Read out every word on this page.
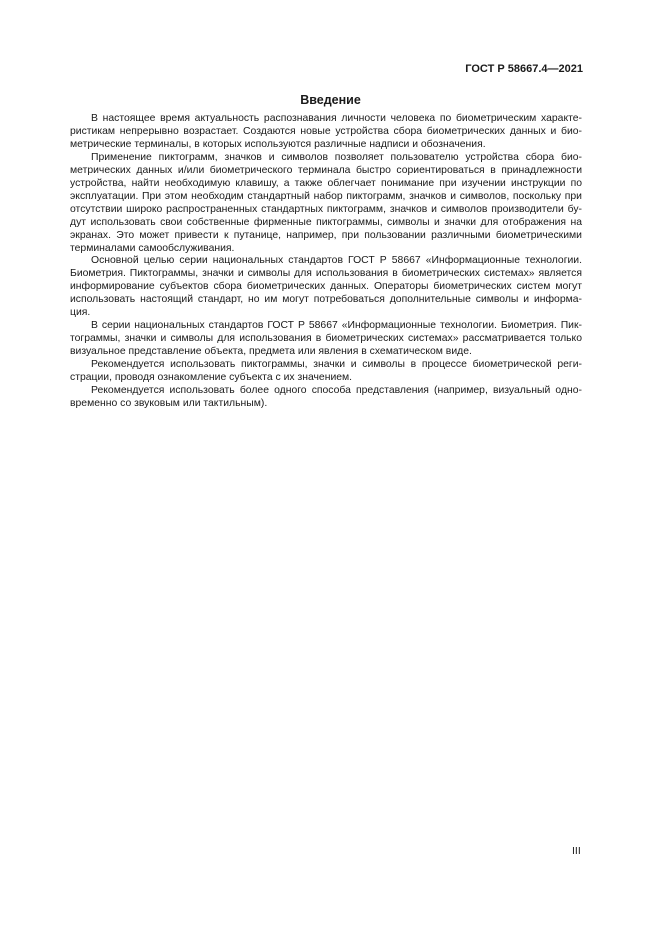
ГОСТ Р 58667.4—2021
Введение
В настоящее время актуальность распознавания личности человека по биометрическим характе-
ристикам непрерывно возрастает. Создаются новые устройства сбора биометрических данных и био-
метрические терминалы, в которых используются различные надписи и обозначения.
Применение пиктограмм, значков и символов позволяет пользователю устройства сбора био-
метрических данных и/или биометрического терминала быстро сориентироваться в принадлежности
устройства, найти необходимую клавишу, а также облегчает понимание при изучении инструкции по
эксплуатации. При этом необходим стандартный набор пиктограмм, значков и символов, поскольку при
отсутствии широко распространенных стандартных пиктограмм, значков и символов производители бу-
дут использовать свои собственные фирменные пиктограммы, символы и значки для отображения на
экранах. Это может привести к путанице, например, при пользовании различными биометрическими
терминалами самообслуживания.
Основной целью серии национальных стандартов ГОСТ Р 58667 «Информационные технологии.
Биометрия. Пиктограммы, значки и символы для использования в биометрических системах» является
информирование субъектов сбора биометрических данных. Операторы биометрических систем могут
использовать настоящий стандарт, но им могут потребоваться дополнительные символы и информа-
ция.
В серии национальных стандартов ГОСТ Р 58667 «Информационные технологии. Биометрия. Пик-
тограммы, значки и символы для использования в биометрических системах» рассматривается только
визуальное представление объекта, предмета или явления в схематическом виде.
Рекомендуется использовать пиктограммы, значки и символы в процессе биометрической реги-
страции, проводя ознакомление субъекта с их значением.
Рекомендуется использовать более одного способа представления (например, визуальный одно-
временно со звуковым или тактильным).
III
